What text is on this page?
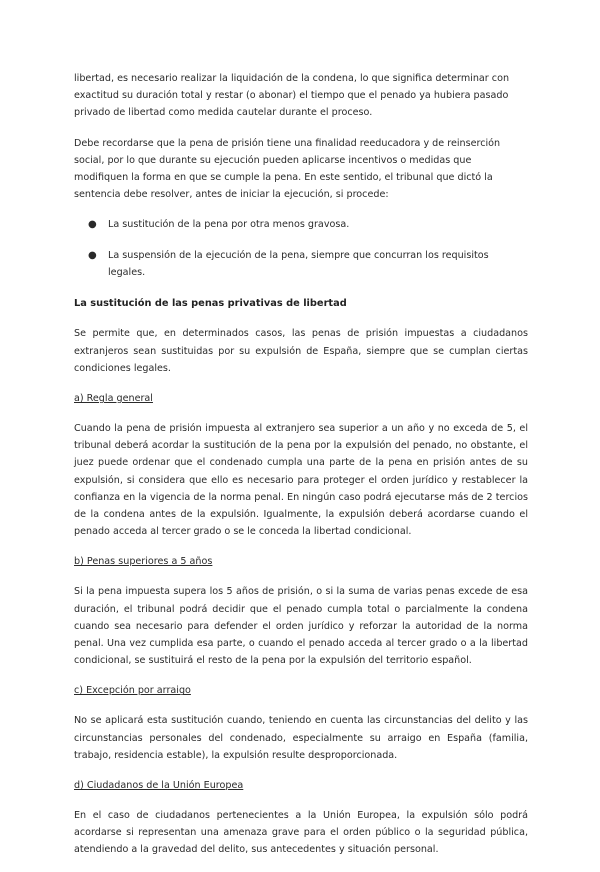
libertad, es necesario realizar la liquidación de la condena, lo que significa determinar con exactitud su duración total y restar (o abonar) el tiempo que el penado ya hubiera pasado privado de libertad como medida cautelar durante el proceso.

Debe recordarse que la pena de prisión tiene una finalidad reeducadora y de reinserción social, por lo que durante su ejecución pueden aplicarse incentivos o medidas que modifiquen la forma en que se cumple la pena. En este sentido, el tribunal que dictó la sentencia debe resolver, antes de iniciar la ejecución, si procede:

● La sustitución de la pena por otra menos gravosa.
● La suspensión de la ejecución de la pena, siempre que concurran los requisitos legales.
La sustitución de las penas privativas de libertad

Se permite que, en determinados casos, las penas de prisión impuestas a ciudadanos extranjeros sean sustituidas por su expulsión de España, siempre que se cumplan ciertas condiciones legales.

a) Regla general

Cuando la pena de prisión impuesta al extranjero sea superior a un año y no exceda de 5, el tribunal deberá acordar la sustitución de la pena por la expulsión del penado, no obstante, el juez puede ordenar que el condenado cumpla una parte de la pena en prisión antes de su expulsión, si considera que ello es necesario para proteger el orden jurídico y restablecer la confianza en la vigencia de la norma penal. En ningún caso podrá ejecutarse más de 2 tercios de la condena antes de la expulsión. Igualmente, la expulsión deberá acordarse cuando el penado acceda al tercer grado o se le conceda la libertad condicional.

b) Penas superiores a 5 años

Si la pena impuesta supera los 5 años de prisión, o si la suma de varias penas excede de esa duración, el tribunal podrá decidir que el penado cumpla total o parcialmente la condena cuando sea necesario para defender el orden jurídico y reforzar la autoridad de la norma penal. Una vez cumplida esa parte, o cuando el penado acceda al tercer grado o a la libertad condicional, se sustituirá el resto de la pena por la expulsión del territorio español.

c) Excepción por arraigo

No se aplicará esta sustitución cuando, teniendo en cuenta las circunstancias del delito y las circunstancias personales del condenado, especialmente su arraigo en España (familia, trabajo, residencia estable), la expulsión resulte desproporcionada.

d) Ciudadanos de la Unión Europea

En el caso de ciudadanos pertenecientes a la Unión Europea, la expulsión sólo podrá acordarse si representan una amenaza grave para el orden público o la seguridad pública, atendiendo a la gravedad del delito, sus antecedentes y situación personal.
